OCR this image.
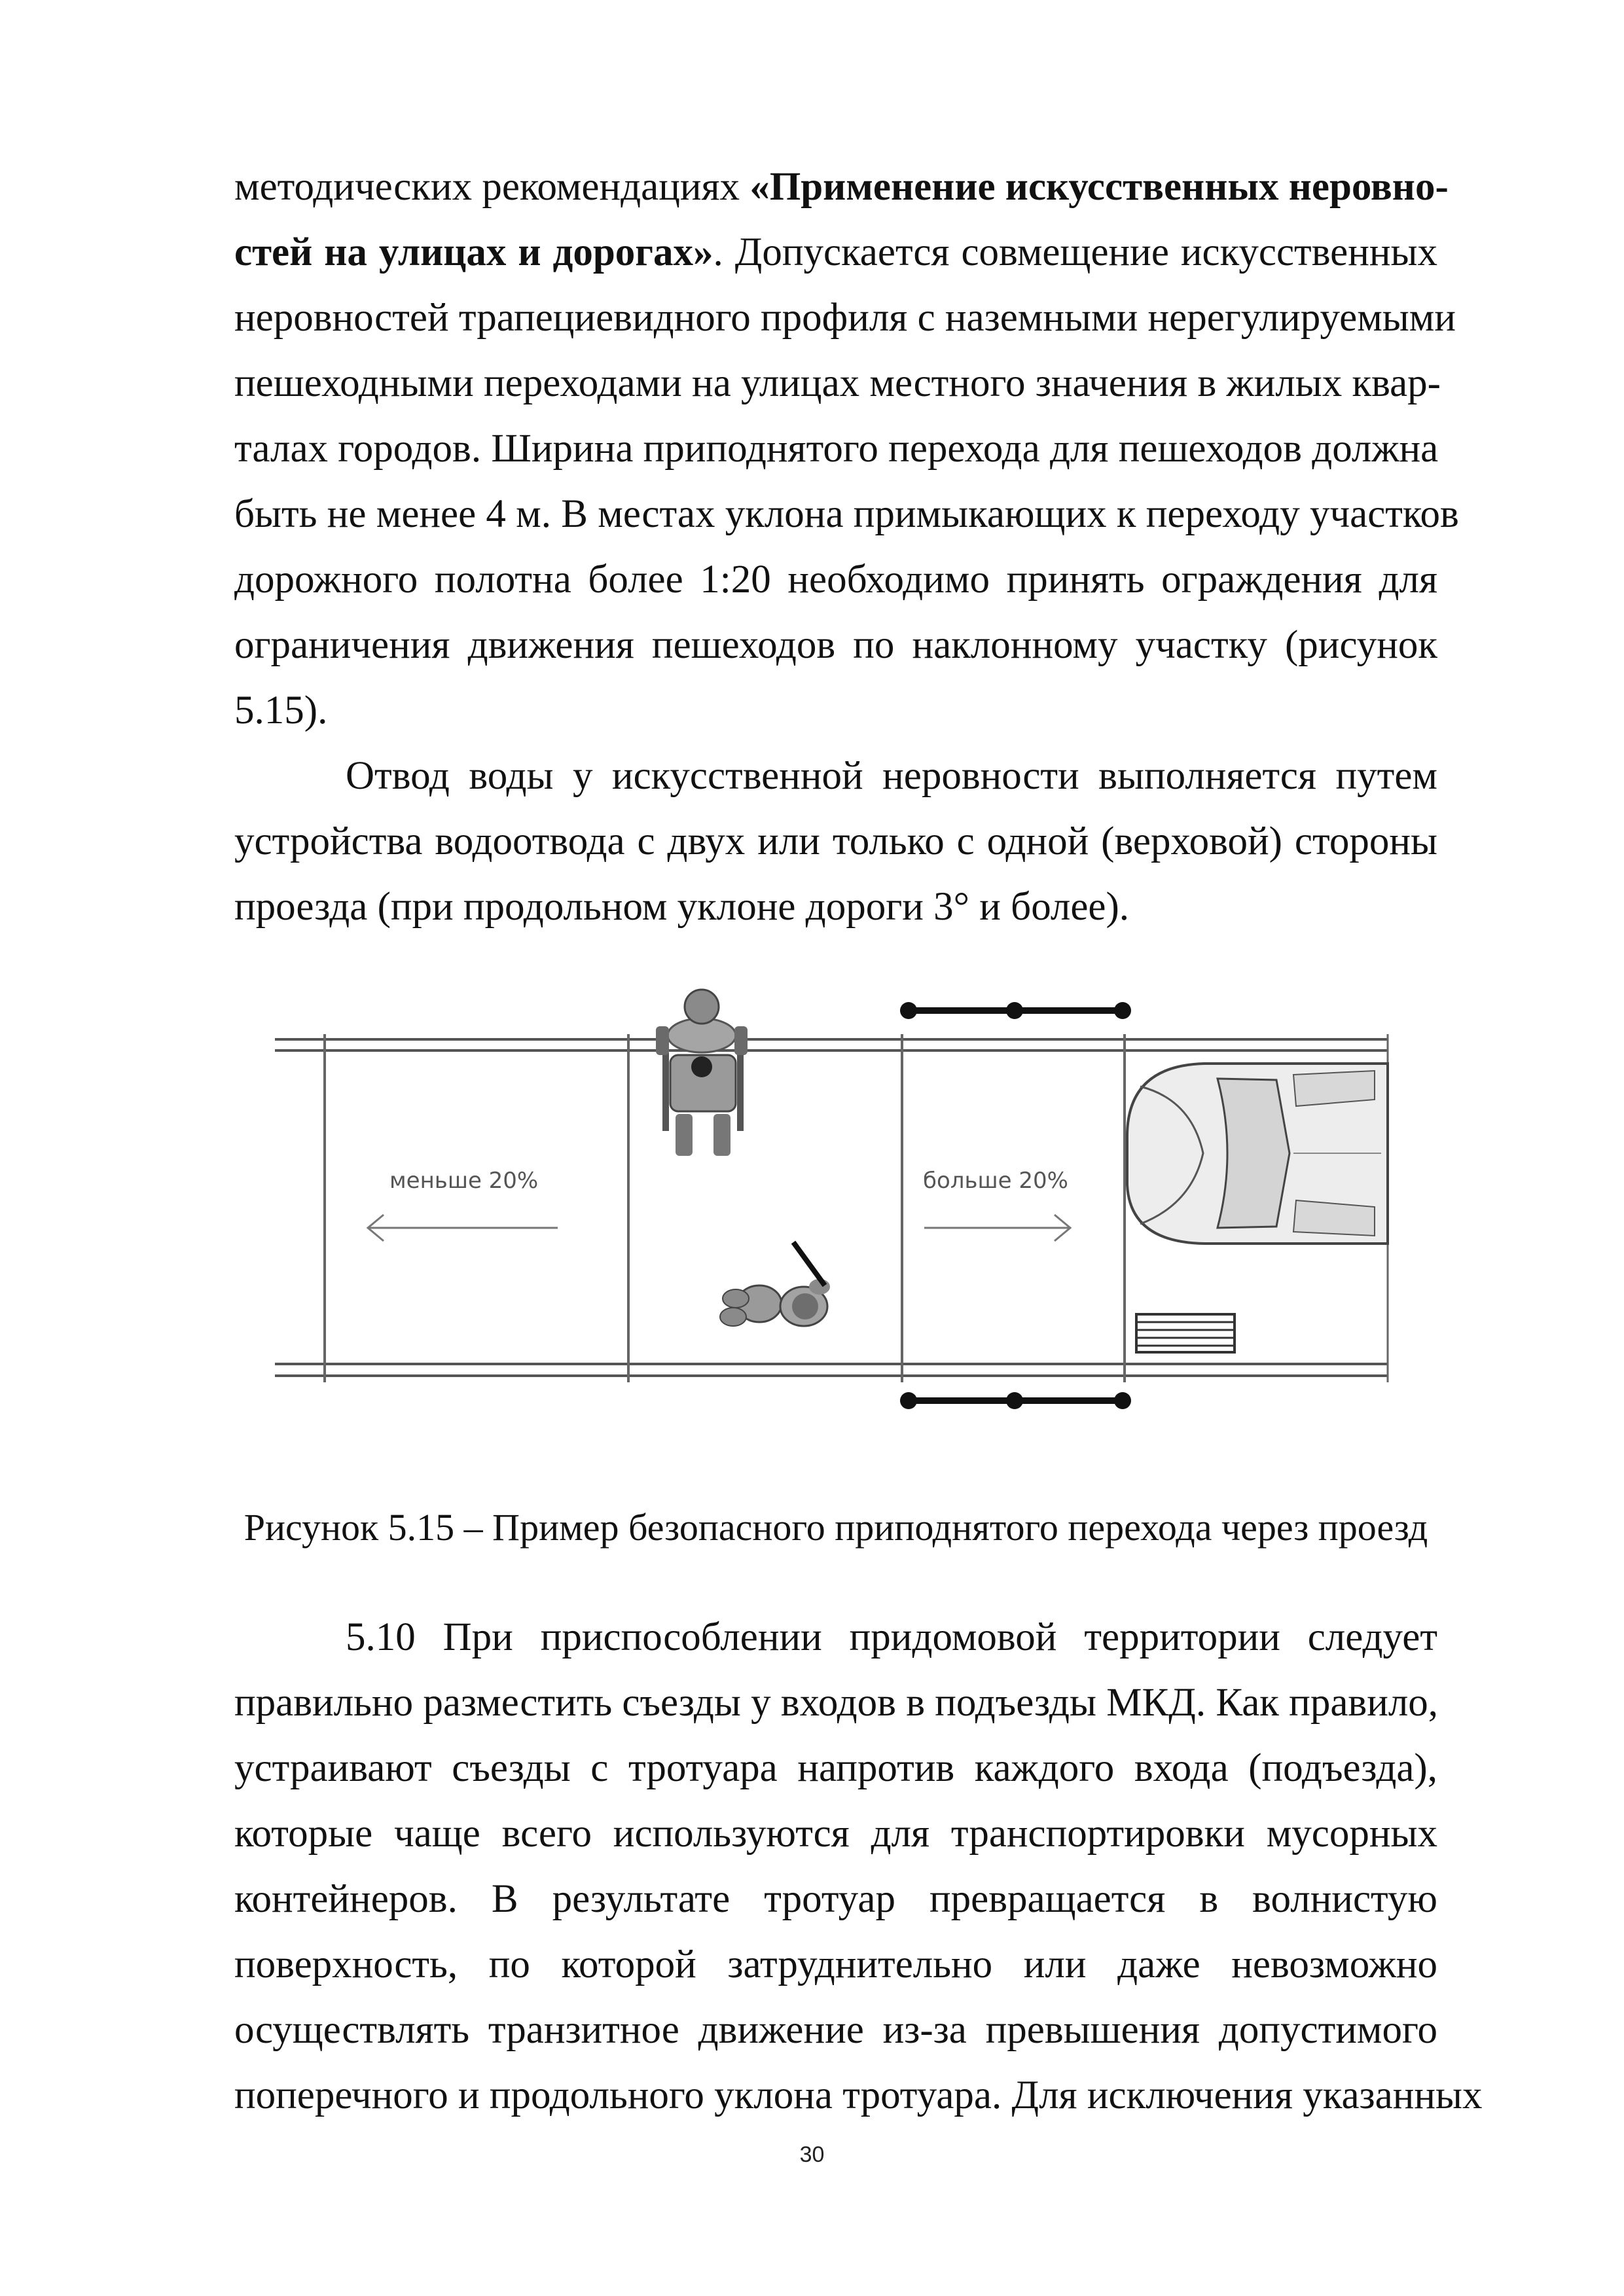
методических рекомендациях «Применение искусственных неровно-
стей на улицах и дорогах». Допускается совмещение искусственных
неровностей трапециевидного профиля с наземными нерегулируемыми
пешеходными переходами на улицах местного значения в жилых квар-
талах городов. Ширина приподнятого перехода для пешеходов должна
быть не менее 4 м. В местах уклона примыкающих к переходу участков
дорожного полотна более 1:20 необходимо принять ограждения для
ограничения движения пешеходов по наклонному участку (рисунок
5.15).
Отвод воды у искусственной неровности выполняется путем
устройства водоотвода с двух или только с одной (верховой) стороны
проезда (при продольном уклоне дороги 3° и более).
меньше 20%	больше 20%
Рисунок 5.15 – Пример безопасного приподнятого перехода через проезд
5.10 При приспособлении придомовой территории следует
правильно разместить съезды у входов в подъезды МКД. Как правило,
устраивают съезды с тротуара напротив каждого входа (подъезда),
которые чаще всего используются для транспортировки мусорных
контейнеров. В результате тротуар превращается в волнистую
поверхность, по которой затруднительно или даже невозможно
осуществлять транзитное движение из-за превышения допустимого
поперечного и продольного уклона тротуара. Для исключения указанных
30
